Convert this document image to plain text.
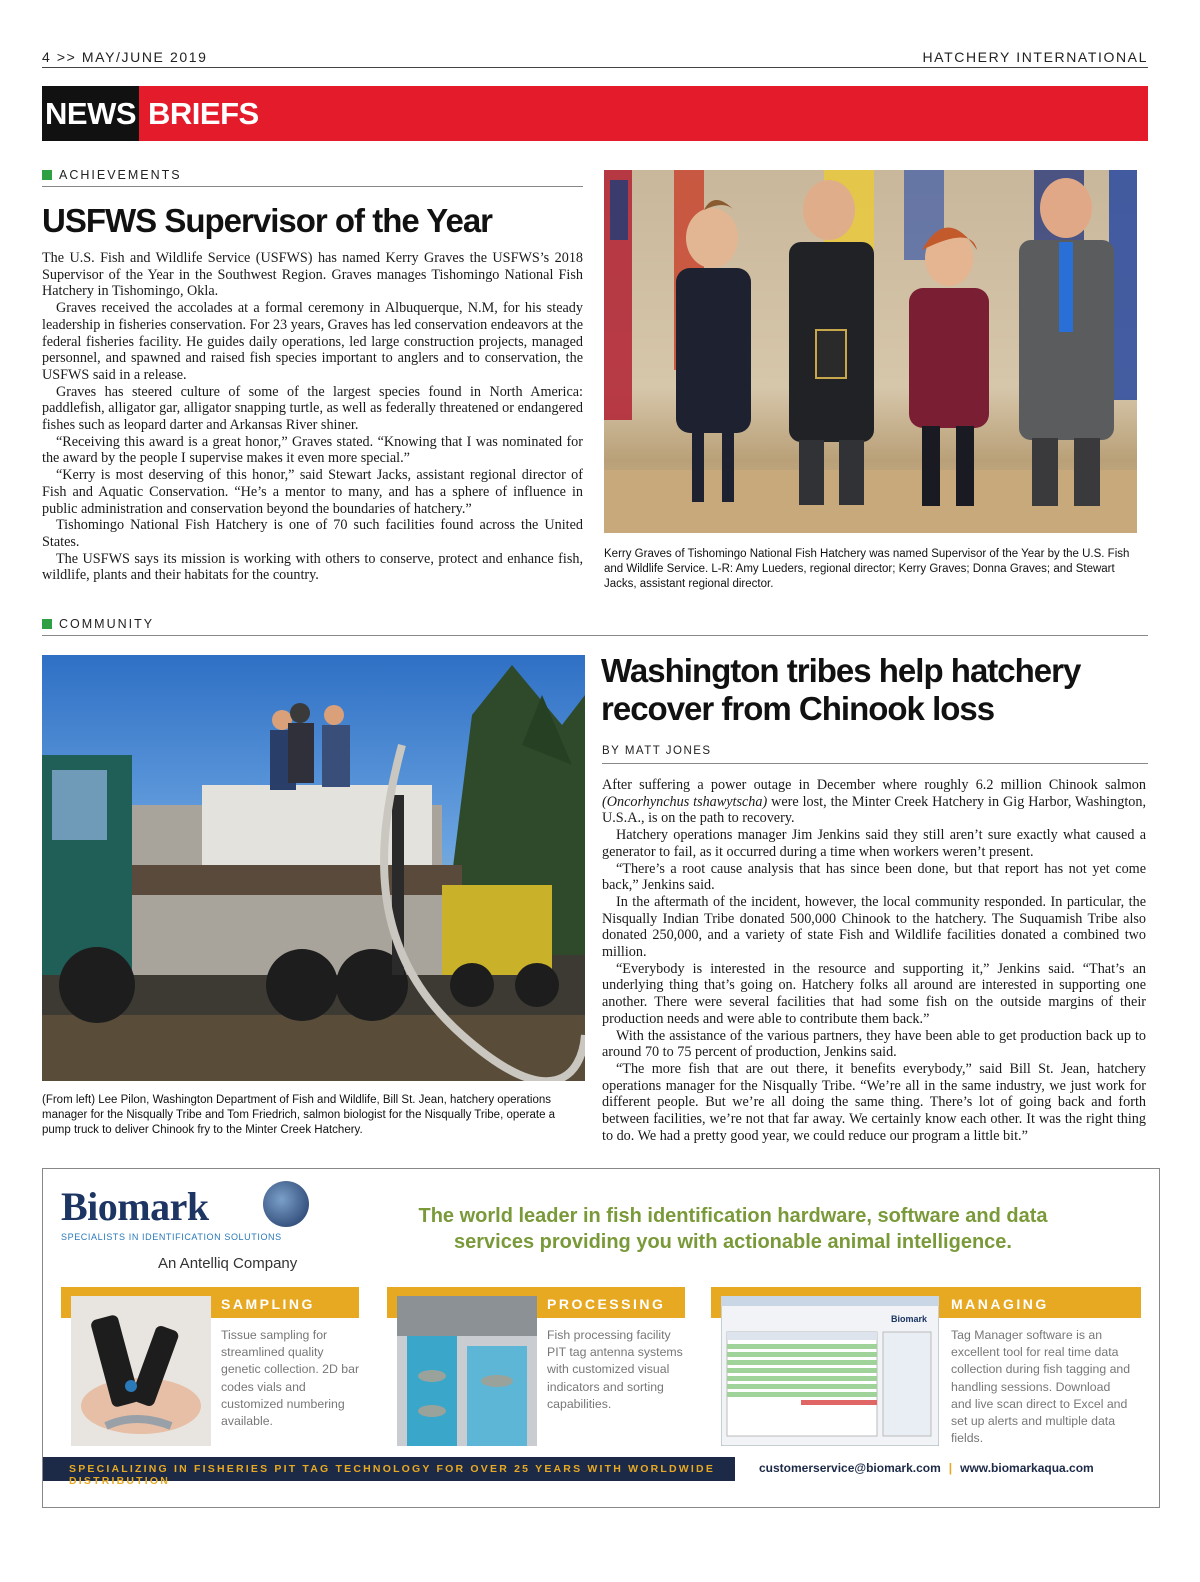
4 >> MAY/JUNE 2019	HATCHERY INTERNATIONAL
NEWS BRIEFS
ACHIEVEMENTS
USFWS Supervisor of the Year

The U.S. Fish and Wildlife Service (USFWS) has named Kerry Graves the USFWS’s 2018 Supervisor of the Year in the Southwest Region. Graves manages Tishomingo National Fish Hatchery in Tishomingo, Okla.

Graves received the accolades at a formal ceremony in Albuquerque, N.M, for his steady leadership in fisheries conservation. For 23 years, Graves has led conservation endeavors at the federal fisheries facility. He guides daily operations, led large construction projects, managed personnel, and spawned and raised fish species important to anglers and to conservation, the USFWS said in a release.

Graves has steered culture of some of the largest species found in North America: paddlefish, alligator gar, alligator snapping turtle, as well as federally threatened or endangered fishes such as leopard darter and Arkansas River shiner.

“Receiving this award is a great honor,” Graves stated. “Knowing that I was nominated for the award by the people I supervise makes it even more special.”

“Kerry is most deserving of this honor,” said Stewart Jacks, assistant regional director of Fish and Aquatic Conservation. “He’s a mentor to many, and has a sphere of influence in public administration and conservation beyond the boundaries of hatchery.”

Tishomingo National Fish Hatchery is one of 70 such facilities found across the United States.

The USFWS says its mission is working with others to conserve, protect and enhance fish, wildlife, plants and their habitats for the country.

Kerry Graves of Tishomingo National Fish Hatchery was named Supervisor of the Year by the U.S. Fish and Wildlife Service. L-R: Amy Lueders, regional director; Kerry Graves; Donna Graves; and Stewart Jacks, assistant regional director.
COMMUNITY
(From left) Lee Pilon, Washington Department of Fish and Wildlife, Bill St. Jean, hatchery operations manager for the Nisqually Tribe and Tom Friedrich, salmon biologist for the Nisqually Tribe, operate a pump truck to deliver Chinook fry to the Minter Creek Hatchery.
Washington tribes help hatchery
recover from Chinook loss
BY MATT JONES

After suffering a power outage in December where roughly 6.2 million Chinook salmon (Oncorhynchus tshawytscha) were lost, the Minter Creek Hatchery in Gig Harbor, Washington, U.S.A., is on the path to recovery.

Hatchery operations manager Jim Jenkins said they still aren’t sure exactly what caused a generator to fail, as it occurred during a time when workers weren’t present.

“There’s a root cause analysis that has since been done, but that report has not yet come back,” Jenkins said.

In the aftermath of the incident, however, the local community responded. In particular, the Nisqually Indian Tribe donated 500,000 Chinook to the hatchery. The Suquamish Tribe also donated 250,000, and a variety of state Fish and Wildlife facilities donated a combined two million.

“Everybody is interested in the resource and supporting it,” Jenkins said. “That’s an underlying thing that’s going on. Hatchery folks all around are interested in supporting one another. There were several facilities that had some fish on the outside margins of their production needs and were able to contribute them back.”

With the assistance of the various partners, they have been able to get production back up to around 70 to 75 percent of production, Jenkins said.

“The more fish that are out there, it benefits everybody,” said Bill St. Jean, hatchery operations manager for the Nisqually Tribe. “We’re all in the same industry, we just work for different people. But we’re all doing the same thing. There’s lot of going back and forth between facilities, we’re not that far away. We certainly know each other. It was the right thing to do. We had a pretty good year, we could reduce our program a little bit.”

Biomark
SPECIALISTS IN IDENTIFICATION SOLUTIONS
An Antelliq Company
The world leader in fish identification hardware, software and data services providing you with actionable animal intelligence.
SAMPLING
Tissue sampling for streamlined quality genetic collection. 2D bar codes vials and customized numbering available.
PROCESSING
Fish processing facility PIT tag antenna systems with customized visual indicators and sorting capabilities.
MANAGING
Biomark
Tag Manager software is an excellent tool for real time data collection during fish tagging and handling sessions. Download and live scan direct to Excel and set up alerts and multiple data fields.
SPECIALIZING IN FISHERIES PIT TAG TECHNOLOGY FOR OVER 25 YEARS WITH WORLDWIDE DISTRIBUTION
customerservice@biomark.com | www.biomarkaqua.com
